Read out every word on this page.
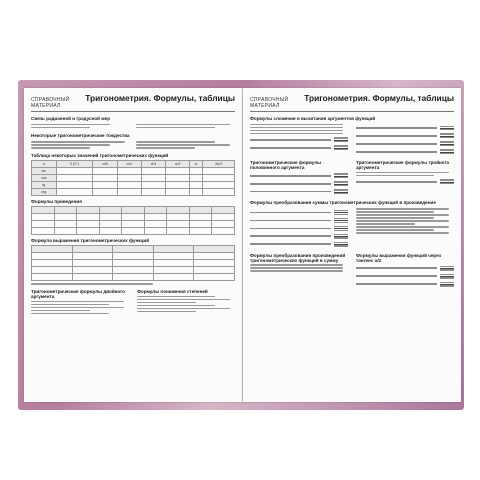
СПРАВОЧНЫЙ МАТЕРИАЛ
Тригонометрия. Формулы, таблицы
Связь радианной и градусной мер
Некоторые тригонометрические тождества
Таблица некоторых значений тригонометрических функций
α	0 (0°)	π/6	π/4	π/3	π/2	π	3π/2
sin							
cos							
tg							
ctg							
Формулы приведения

Формула выражения тригонометрических функций

Тригонометрические формулы двойного аргумента
Формулы понижения степеней
СПРАВОЧНЫЙ МАТЕРИАЛ
Тригонометрия. Формулы, таблицы
Формулы сложения и вычитания аргументов функций
Тригонометрические формулы половинного аргумента
Тригонометрические формулы тройного аргумента
Формулы преобразования суммы тригонометрических функций в произведение
Формулы преобразования произведений тригонометрических функций в сумму
Формулы выражения функций через тангенс α/2
